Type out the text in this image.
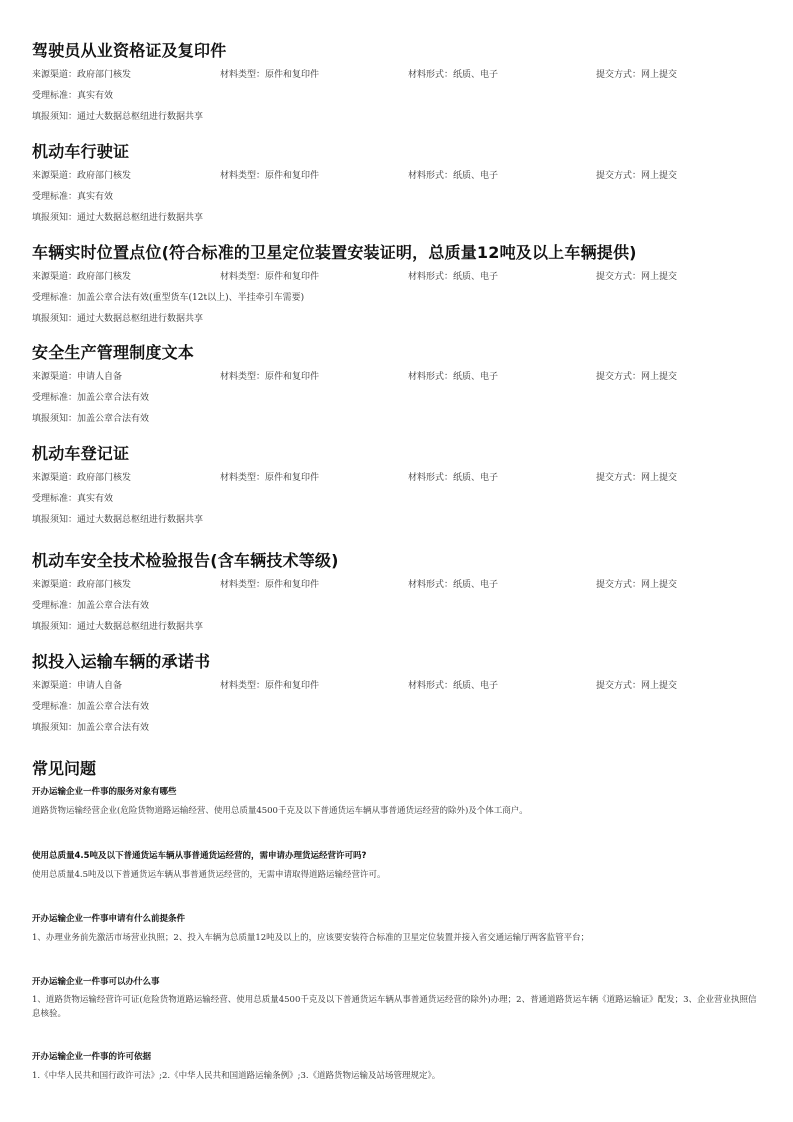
驾驶员从业资格证及复印件
来源渠道：政府部门核发	材料类型：原件和复印件	材料形式：纸质、电子	提交方式：网上提交
受理标准：真实有效
填报须知：通过大数据总枢纽进行数据共享
机动车行驶证
来源渠道：政府部门核发	材料类型：原件和复印件	材料形式：纸质、电子	提交方式：网上提交
受理标准：真实有效
填报须知：通过大数据总枢纽进行数据共享
车辆实时位置点位(符合标准的卫星定位装置安装证明，总质量12吨及以上车辆提供)
来源渠道：政府部门核发	材料类型：原件和复印件	材料形式：纸质、电子	提交方式：网上提交
受理标准：加盖公章合法有效(重型货车(12t以上)、半挂牵引车需要)
填报须知：通过大数据总枢纽进行数据共享
安全生产管理制度文本
来源渠道：申请人自备	材料类型：原件和复印件	材料形式：纸质、电子	提交方式：网上提交
受理标准：加盖公章合法有效
填报须知：加盖公章合法有效
机动车登记证
来源渠道：政府部门核发	材料类型：原件和复印件	材料形式：纸质、电子	提交方式：网上提交
受理标准：真实有效
填报须知：通过大数据总枢纽进行数据共享
机动车安全技术检验报告(含车辆技术等级)
来源渠道：政府部门核发	材料类型：原件和复印件	材料形式：纸质、电子	提交方式：网上提交
受理标准：加盖公章合法有效
填报须知：通过大数据总枢纽进行数据共享
拟投入运输车辆的承诺书
来源渠道：申请人自备	材料类型：原件和复印件	材料形式：纸质、电子	提交方式：网上提交
受理标准：加盖公章合法有效
填报须知：加盖公章合法有效
常见问题
开办运输企业一件事的服务对象有哪些
道路货物运输经营企业(危险货物道路运输经营、使用总质量4500千克及以下普通货运车辆从事普通货运经营的除外)及个体工商户。
使用总质量4.5吨及以下普通货运车辆从事普通货运经营的，需申请办理货运经营许可吗?
使用总质量4.5吨及以下普通货运车辆从事普通货运经营的，无需申请取得道路运输经营许可。
开办运输企业一件事申请有什么前提条件
1、办理业务前先激活市场营业执照；2、投入车辆为总质量12吨及以上的，应该要安装符合标准的卫星定位装置并接入省交通运输厅两客监管平台；
开办运输企业一件事可以办什么事
1、道路货物运输经营许可证(危险货物道路运输经营、使用总质量4500千克及以下普通货运车辆从事普通货运经营的除外)办理；2、普通道路货运车辆《道路运输证》配发；3、企业营业执照信息核验。
开办运输企业一件事的许可依据
1.《中华人民共和国行政许可法》;2.《中华人民共和国道路运输条例》;3.《道路货物运输及站场管理规定》。
